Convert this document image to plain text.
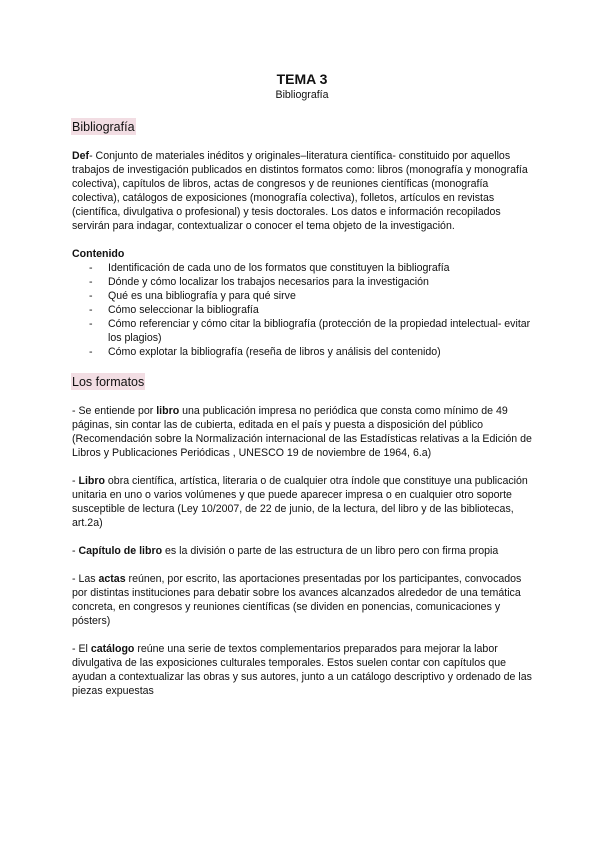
TEMA 3

Bibliografía

Bibliografía

Def- Conjunto de materiales inéditos y originales–literatura científica- constituido por aquellos trabajos de investigación publicados en distintos formatos como: libros (monografía y monografía colectiva), capítulos de libros, actas de congresos y de reuniones científicas (monografía colectiva), catálogos de exposiciones (monografía colectiva), folletos, artículos en revistas (científica, divulgativa o profesional) y tesis doctorales. Los datos e información recopilados servirán para indagar, contextualizar o conocer el tema objeto de la investigación.

Contenido

- Identificación de cada uno de los formatos que constituyen la bibliografía
- Dónde y cómo localizar los trabajos necesarios para la investigación
- Qué es una bibliografía y para qué sirve
- Cómo seleccionar la bibliografía
- Cómo referenciar y cómo citar la bibliografía (protección de la propiedad intelectual- evitar los plagios)
- Cómo explotar la bibliografía (reseña de libros y análisis del contenido)
Los formatos

- Se entiende por libro una publicación impresa no periódica que consta como mínimo de 49 páginas, sin contar las de cubierta, editada en el país y puesta a disposición del público (Recomendación sobre la Normalización internacional de las Estadísticas relativas a la Edición de Libros y Publicaciones Periódicas , UNESCO 19 de noviembre de 1964, 6.a)

- Libro obra científica, artística, literaria o de cualquier otra índole que constituye una publicación unitaria en uno o varios volúmenes y que puede aparecer impresa o en cualquier otro soporte susceptible de lectura (Ley 10/2007, de 22 de junio, de la lectura, del libro y de las bibliotecas, art.2a)

- Capítulo de libro es la división o parte de las estructura de un libro pero con firma propia

- Las actas reúnen, por escrito, las aportaciones presentadas por los participantes, convocados por distintas instituciones para debatir sobre los avances alcanzados alrededor de una temática concreta, en congresos y reuniones científicas (se dividen en ponencias, comunicaciones y pósters)

- El catálogo reúne una serie de textos complementarios preparados para mejorar la labor divulgativa de las exposiciones culturales temporales. Estos suelen contar con capítulos que ayudan a contextualizar las obras y sus autores, junto a un catálogo descriptivo y ordenado de las piezas expuestas
